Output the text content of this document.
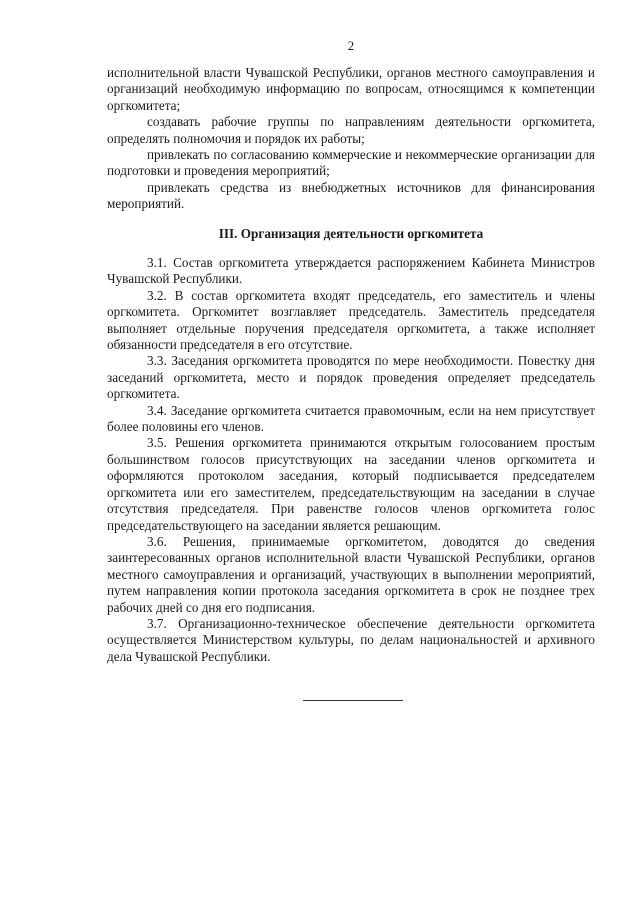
2

исполнительной власти Чувашской Республики, органов местного самоуправления и организаций необходимую информацию по вопросам, относящимся к компетенции оргкомитета;

создавать рабочие группы по направлениям деятельности оргкомитета, определять полномочия и порядок их работы;

привлекать по согласованию коммерческие и некоммерческие организации для подготовки и проведения мероприятий;

привлекать средства из внебюджетных источников для финансирования мероприятий.

III. Организация деятельности оргкомитета

3.1. Состав оргкомитета утверждается распоряжением Кабинета Министров Чувашской Республики.

3.2. В состав оргкомитета входят председатель, его заместитель и члены оргкомитета. Оргкомитет возглавляет председатель. Заместитель председателя выполняет отдельные поручения председателя оргкомитета, а также исполняет обязанности председателя в его отсутствие.

3.3. Заседания оргкомитета проводятся по мере необходимости. Повестку дня заседаний оргкомитета, место и порядок проведения определяет председатель оргкомитета.

3.4. Заседание оргкомитета считается правомочным, если на нем присутствует более половины его членов.

3.5. Решения оргкомитета принимаются открытым голосованием простым большинством голосов присутствующих на заседании членов оргкомитета и оформляются протоколом заседания, который подписывается председателем оргкомитета или его заместителем, председательствующим на заседании в случае отсутствия председателя. При равенстве голосов членов оргкомитета голос председательствующего на заседании является решающим.

3.6. Решения, принимаемые оргкомитетом, доводятся до сведения заинтересованных органов исполнительной власти Чувашской Республики, органов местного самоуправления и организаций, участвующих в выполнении мероприятий, путем направления копии протокола заседания оргкомитета в срок не позднее трех рабочих дней со дня его подписания.

3.7. Организационно-техническое обеспечение деятельности оргкомитета осуществляется Министерством культуры, по делам национальностей и архивного дела Чувашской Республики.
